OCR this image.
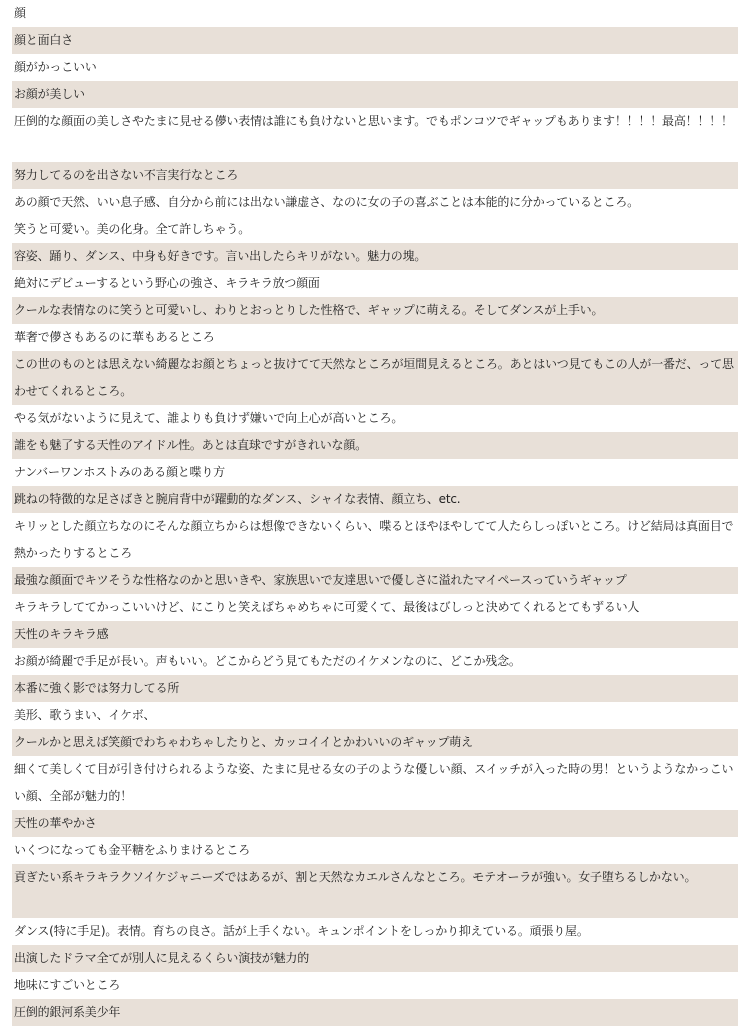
顔
顔と面白さ
顔がかっこいい
お顔が美しい
圧倒的な顔面の美しさやたまに見せる儚い表情は誰にも負けないと思います。でもポンコツでギャップもあります！！！！最高！！！！
努力してるのを出さない不言実行なところ
あの顔で天然、いい息子感、自分から前には出ない謙虚さ、なのに女の子の喜ぶことは本能的に分かっているところ。
笑うと可愛い。美の化身。全て許しちゃう。
容姿、踊り、ダンス、中身も好きです。言い出したらキリがない。魅力の塊。
絶対にデビューするという野心の強さ、キラキラ放つ顔面
クールな表情なのに笑うと可愛いし、わりとおっとりした性格で、ギャップに萌える。そしてダンスが上手い。
華奢で儚さもあるのに華もあるところ
この世のものとは思えない綺麗なお顔とちょっと抜けてて天然なところが垣間見えるところ。あとはいつ見てもこの人が一番だ、って思わせてくれるところ。
やる気がないように見えて、誰よりも負けず嫌いで向上心が高いところ。
誰をも魅了する天性のアイドル性。あとは直球ですがきれいな顔。
ナンバーワンホストみのある顔と喋り方
跳ねの特徴的な足さばきと腕肩背中が躍動的なダンス、シャイな表情、顔立ち、etc.
キリッとした顔立ちなのにそんな顔立ちからは想像できないくらい、喋るとほやほやしてて人たらしっぽいところ。けど結局は真面目で熱かったりするところ
最強な顔面でキツそうな性格なのかと思いきや、家族思いで友達思いで優しさに溢れたマイペースっていうギャップ
キラキラしててかっこいいけど、にこりと笑えばちゃめちゃに可愛くて、最後はびしっと決めてくれるとてもずるい人
天性のキラキラ感
お顔が綺麗で手足が長い。声もいい。どこからどう見てもただのイケメンなのに、どこか残念。
本番に強く影では努力してる所
美形、歌うまい、イケボ、
クールかと思えば笑顔でわちゃわちゃしたりと、カッコイイとかわいいのギャップ萌え
細くて美しくて目が引き付けられるような姿、たまに見せる女の子のような優しい顔、スイッチが入った時の男！というようなかっこいい顔、全部が魅力的！
天性の華やかさ
いくつになっても金平糖をふりまけるところ
貢ぎたい系キラキラクソイケジャニーズではあるが、割と天然なカエルさんなところ。モテオーラが強い。女子堕ちるしかない。
ダンス(特に手足)。表情。育ちの良さ。話が上手くない。キュンポイントをしっかり抑えている。頑張り屋。
出演したドラマ全てが別人に見えるくらい演技が魅力的
地味にすごいところ
圧倒的銀河系美少年
